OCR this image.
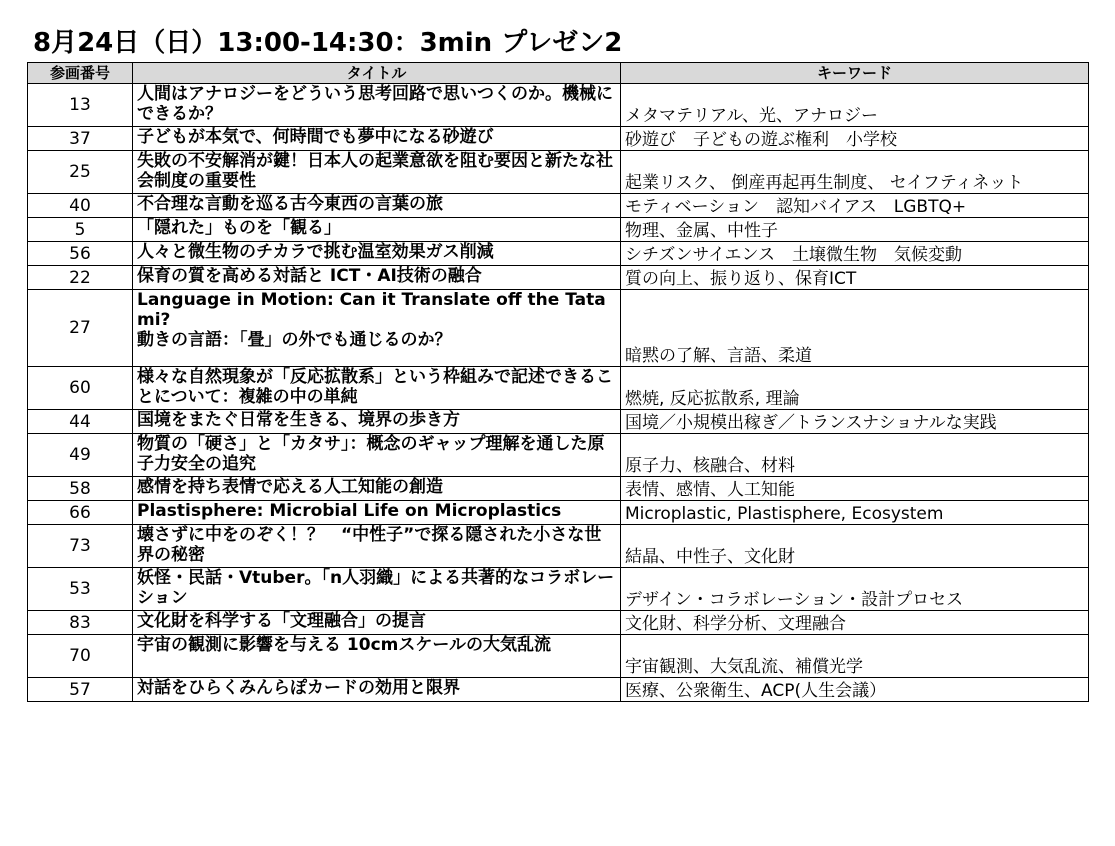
8月24日（日）13:00-14:30：3min プレゼン2
参画番号	タイトル	キーワード
13	人間はアナロジーをどういう思考回路で思いつくのか。機械にできるか？	メタマテリアル、光、アナロジー
37	子どもが本気で、何時間でも夢中になる砂遊び	砂遊び　子どもの遊ぶ権利　小学校
25	失敗の不安解消が鍵！日本人の起業意欲を阻む要因と新たな社会制度の重要性	起業リスク、 倒産再起再生制度、 セイフティネット
40	不合理な言動を巡る古今東西の言葉の旅	モティベーション　認知バイアス　LGBTQ+
5	「隠れた」ものを「観る」	物理、金属、中性子
56	人々と微生物のチカラで挑む温室効果ガス削減	シチズンサイエンス　土壌微生物　気候変動
22	保育の質を高める対話と ICT・AI技術の融合	質の向上、振り返り、保育ICT
27	Language in Motion: Can it Translate off the Tatami?
動きの言語：「畳」の外でも通じるのか？	暗黙の了解、言語、柔道
60	様々な自然現象が「反応拡散系」という枠組みで記述できることについて：複雑の中の単純	燃焼, 反応拡散系, 理論
44	国境をまたぐ日常を生きる、境界の歩き方	国境／小規模出稼ぎ／トランスナショナルな実践
49	物質の「硬さ」と「カタサ」：概念のギャップ理解を通した原子力安全の追究	原子力、核融合、材料
58	感情を持ち表情で応える人工知能の創造	表情、感情、人工知能
66	Plastisphere: Microbial Life on Microplastics	Microplastic, Plastisphere, Ecosystem
73	壊さずに中をのぞく！？　“中性子”で探る隠された小さな世界の秘密	結晶、中性子、文化財
53	妖怪・民話・Vtuber。「n人羽織」による共著的なコラボレーション	デザイン・コラボレーション・設計プロセス
83	文化財を科学する「文理融合」の提言	文化財、科学分析、文理融合
70	宇宙の観測に影響を与える 10cmスケールの大気乱流	宇宙観測、大気乱流、補償光学
57	対話をひらくみんらぽカードの効用と限界	医療、公衆衛生、ACP(人生会議）
